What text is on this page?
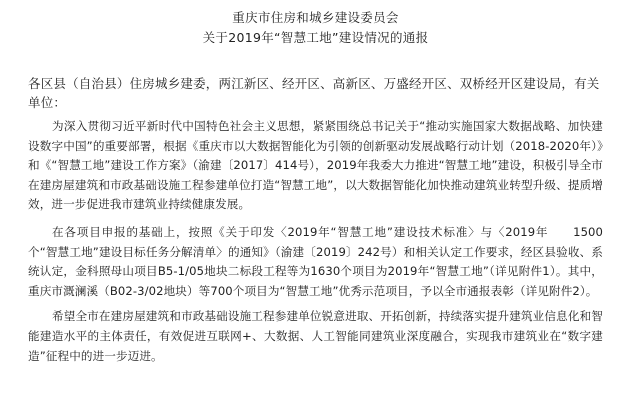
重庆市住房和城乡建设委员会
关于2019年“智慧工地”建设情况的通报
各区县（自治县）住房城乡建委，两江新区、经开区、高新区、万盛经开区、双桥经开区建设局，有关单位：

为深入贯彻习近平新时代中国特色社会主义思想，紧紧围绕总书记关于“推动实施国家大数据战略、加快建设数字中国”的重要部署，根据《重庆市以大数据智能化为引领的创新驱动发展战略行动计划（2018-2020年）》和《“智慧工地”建设工作方案》（渝建〔2017〕414号），2019年我委大力推进“智慧工地”建设，积极引导全市在建房屋建筑和市政基础设施工程参建单位打造“智慧工地”，以大数据智能化加快推动建筑业转型升级、提质增效，进一步促进我市建筑业持续健康发展。

在各项目申报的基础上，按照《关于印发〈2019年“智慧工地”建设技术标准〉与〈2019年　　1500个“智慧工地”建设目标任务分解清单〉的通知》（渝建〔2019〕242号）和相关认定工作要求，经区县验收、系统认定，金科照母山项目B5-1/05地块二标段工程等为1630个项目为2019年“智慧工地”（详见附件1）。其中，重庆市溉澜溪（B02-3/02地块）等700个项目为“智慧工地”优秀示范项目，予以全市通报表彰（详见附件2）。

希望全市在建房屋建筑和市政基础设施工程参建单位锐意进取、开拓创新，持续落实提升建筑业信息化和智能建造水平的主体责任，有效促进互联网+、大数据、人工智能同建筑业深度融合，实现我市建筑业在“数字建造”征程中的进一步迈进。
